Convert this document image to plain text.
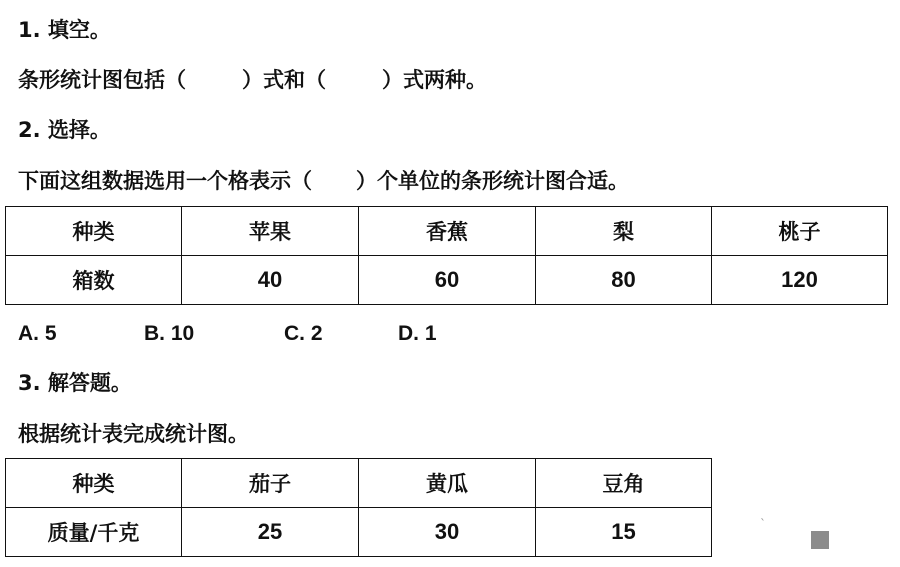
1. 填空。
条形统计图包括（	）式和（	）式两种。
2. 选择。
下面这组数据选用一个格表示（ ）个单位的条形统计图合适。
种类	苹果	香蕉	梨	桃子
箱数	40	60	80	120
A. 5	B. 10	C. 2	D. 1
3. 解答题。
根据统计表完成统计图。
种类	茄子	黄瓜	豆角
质量/千克	25	30	15	ˋ
